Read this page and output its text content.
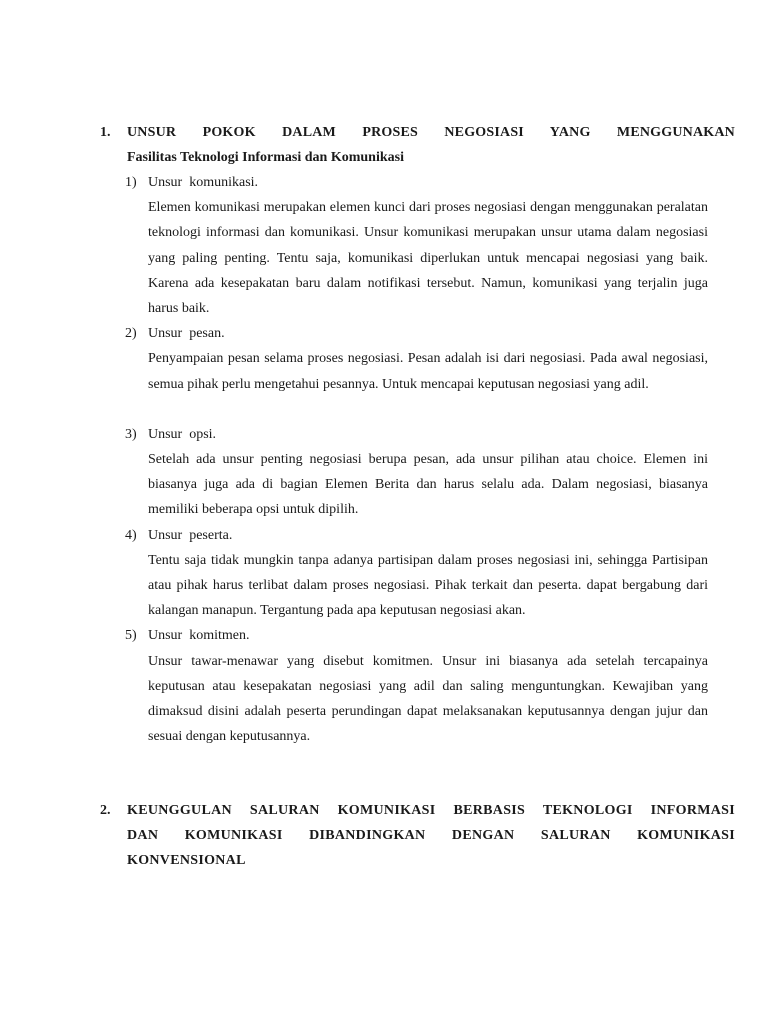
1.	UNSUR POKOK DALAM PROSES NEGOSIASI YANG MENGGUNAKAN
Fasilitas Teknologi Informasi dan Komunikasi
1) Unsur  komunikasi.
Elemen komunikasi merupakan elemen kunci dari proses negosiasi dengan menggunakan peralatan teknologi informasi dan komunikasi. Unsur komunikasi merupakan unsur utama dalam negosiasi yang paling penting. Tentu saja, komunikasi diperlukan untuk mencapai negosiasi yang baik. Karena ada kesepakatan baru dalam notifikasi tersebut. Namun, komunikasi yang terjalin juga harus baik.
2) Unsur  pesan.
Penyampaian pesan selama proses negosiasi. Pesan adalah isi dari negosiasi. Pada awal negosiasi, semua pihak perlu mengetahui pesannya. Untuk mencapai keputusan negosiasi yang adil.
3) Unsur  opsi.
Setelah ada unsur penting negosiasi berupa pesan, ada unsur pilihan atau choice. Elemen ini biasanya juga ada di bagian Elemen Berita dan harus selalu ada. Dalam negosiasi, biasanya memiliki beberapa opsi untuk dipilih.
4) Unsur  peserta.
Tentu saja tidak mungkin tanpa adanya partisipan dalam proses negosiasi ini, sehingga Partisipan atau pihak harus terlibat dalam proses negosiasi. Pihak terkait dan peserta. dapat bergabung dari kalangan manapun. Tergantung pada apa keputusan negosiasi akan.
5) Unsur  komitmen.
Unsur tawar-menawar yang disebut komitmen. Unsur ini biasanya ada setelah tercapainya keputusan atau kesepakatan negosiasi yang adil dan saling menguntungkan. Kewajiban yang dimaksud disini adalah peserta perundingan dapat melaksanakan keputusannya dengan jujur dan sesuai dengan keputusannya.
2.	KEUNGGULAN SALURAN KOMUNIKASI BERBASIS TEKNOLOGI INFORMASI DAN KOMUNIKASI DIBANDINGKAN DENGAN SALURAN KOMUNIKASI KONVENSIONAL
